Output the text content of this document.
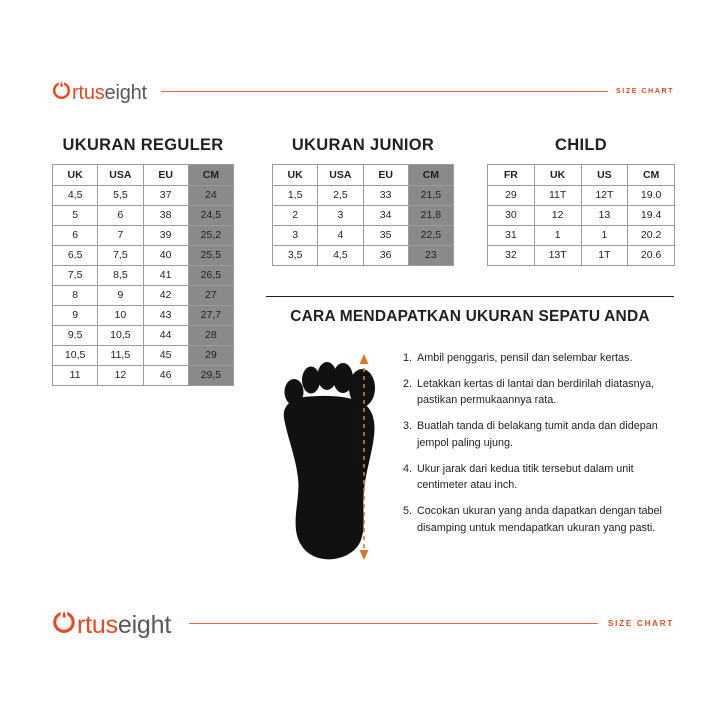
rtus eight	SIZE CHART
UKURAN REGULER
UK	USA	EU	CM
4,5	5,5	37	24
5	6	38	24,5
6	7	39	25,2
6,5	7,5	40	25,5
7,5	8,5	41	26,5
8	9	42	27
9	10	43	27,7
9,5	10,5	44	28
10,5	11,5	45	29
11	12	46	29,5
UKURAN JUNIOR
UK	USA	EU	CM
1,5	2,5	33	21,5
2	3	34	21,8
3	4	35	22,5
3,5	4,5	36	23
CHILD
FR	UK	US	CM
29	11T	12T	19.0
30	12	13	19.4
31	1	1	20.2
32	13T	1T	20.6
CARA MENDAPATKAN UKURAN SEPATU ANDA
1. Ambil penggaris, pensil dan selembar kertas.
2. Letakkan kertas di lantai dan berdirilah diatasnya, pastikan permukaannya rata.
3. Buatlah tanda di belakang tumit anda dan didepan jempol paling ujung.
4. Ukur jarak dari kedua titik tersebut dalam unit centimeter atau inch.
5. Cocokan ukuran yang anda dapatkan dengan tabel disamping untuk mendapatkan ukuran yang pasti.
rtus eight	SIZE CHART
